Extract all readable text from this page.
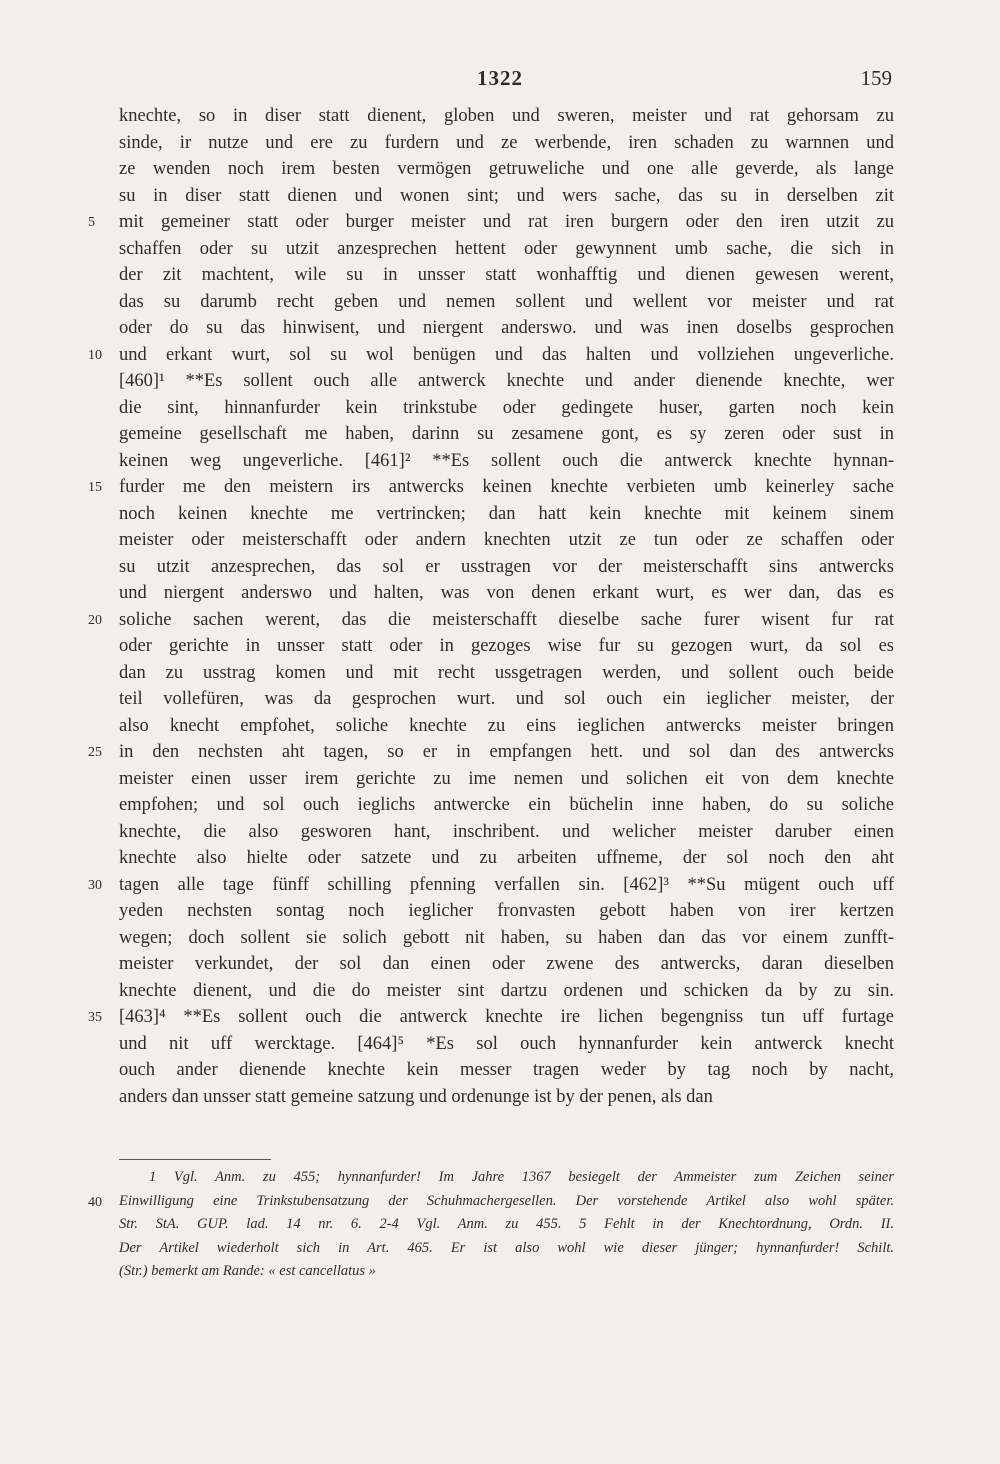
1322	159
knechte, so in diser statt dienent, globen und sweren, meister und rat gehorsam zu
sinde, ir nutze und ere zu furdern und ze werbende, iren schaden zu warnnen und
ze wenden noch irem besten vermögen getruweliche und one alle geverde, als lange
su in diser statt dienen und wonen sint; und wers sache, das su in derselben zit
5	mit gemeiner statt oder burger meister und rat iren burgern oder den iren utzit zu
schaffen oder su utzit anzesprechen hettent oder gewynnent umb sache, die sich in
der zit machtent, wile su in unsser statt wonhafftig und dienen gewesen werent,
das su darumb recht geben und nemen sollent und wellent vor meister und rat
oder do su das hinwisent, und niergent anderswo. und was inen doselbs gesprochen
10 und erkant wurt, sol su wol benügen und das halten und vollziehen ungeverliche.
[460]¹ **Es sollent ouch alle antwerck knechte und ander dienende knechte, wer
die sint, hinnanfurder kein trinkstube oder gedingete huser, garten noch kein
gemeine gesellschaft me haben, darinn su zesamene gont, es sy zeren oder sust in
keinen weg ungeverliche. [461]² **Es sollent ouch die antwerck knechte hynnan-
15 furder me den meistern irs antwercks keinen knechte verbieten umb keinerley sache
noch keinen knechte me vertrincken; dan hatt kein knechte mit keinem sinem
meister oder meisterschafft oder andern knechten utzit ze tun oder ze schaffen oder
su utzit anzesprechen, das sol er usstragen vor der meisterschafft sins antwercks
und niergent anderswo und halten, was von denen erkant wurt, es wer dan, das es
20 soliche sachen werent, das die meisterschafft dieselbe sache furer wisent fur rat
oder gerichte in unsser statt oder in gezoges wise fur su gezogen wurt, da sol es
dan zu usstrag komen und mit recht ussgetragen werden, und sollent ouch beide
teil vollefüren, was da gesprochen wurt. und sol ouch ein ieglicher meister, der
also knecht empfohet, soliche knechte zu eins ieglichen antwercks meister bringen
25 in den nechsten aht tagen, so er in empfangen hett. und sol dan des antwercks
meister einen usser irem gerichte zu ime nemen und solichen eit von dem knechte
empfohen; und sol ouch ieglichs antwercke ein büchelin inne haben, do su soliche
knechte, die also gesworen hant, inschribent. und welicher meister daruber einen
knechte also hielte oder satzete und zu arbeiten uffneme, der sol noch den aht
30 tagen alle tage fünff schilling pfenning verfallen sin. [462]³ **Su mügent ouch uff
yeden nechsten sontag noch ieglicher fronvasten gebott haben von irer kertzen
wegen; doch sollent sie solich gebott nit haben, su haben dan das vor einem zunfft-
meister verkundet, der sol dan einen oder zwene des antwercks, daran dieselben
knechte dienent, und die do meister sint dartzu ordenen und schicken da by zu sin.
35 [463]⁴ **Es sollent ouch die antwerck knechte ire lichen begengniss tun uff furtage
und nit uff wercktage. [464]⁵ *Es sol ouch hynnanfurder kein antwerck knecht
ouch ander dienende knechte kein messer tragen weder by tag noch by nacht,
anders dan unsser statt gemeine satzung und ordenunge ist by der penen, als dan
1 Vgl. Anm. zu 455; hynnanfurder! Im Jahre 1367 besiegelt der Ammeister zum Zeichen seiner
40	Einwilligung eine Trinkstubensatzung der Schuhmachergesellen. Der vorstehende Artikel also wohl später.
Str. StA. GUP. lad. 14 nr. 6. 2-4 Vgl. Anm. zu 455. 5 Fehlt in der Knechtordnung, Ordn. II.
Der Artikel wiederholt sich in Art. 465. Er ist also wohl wie dieser jünger; hynnanfurder! Schilt.
(Str.) bemerkt am Rande: « est cancellatus »
